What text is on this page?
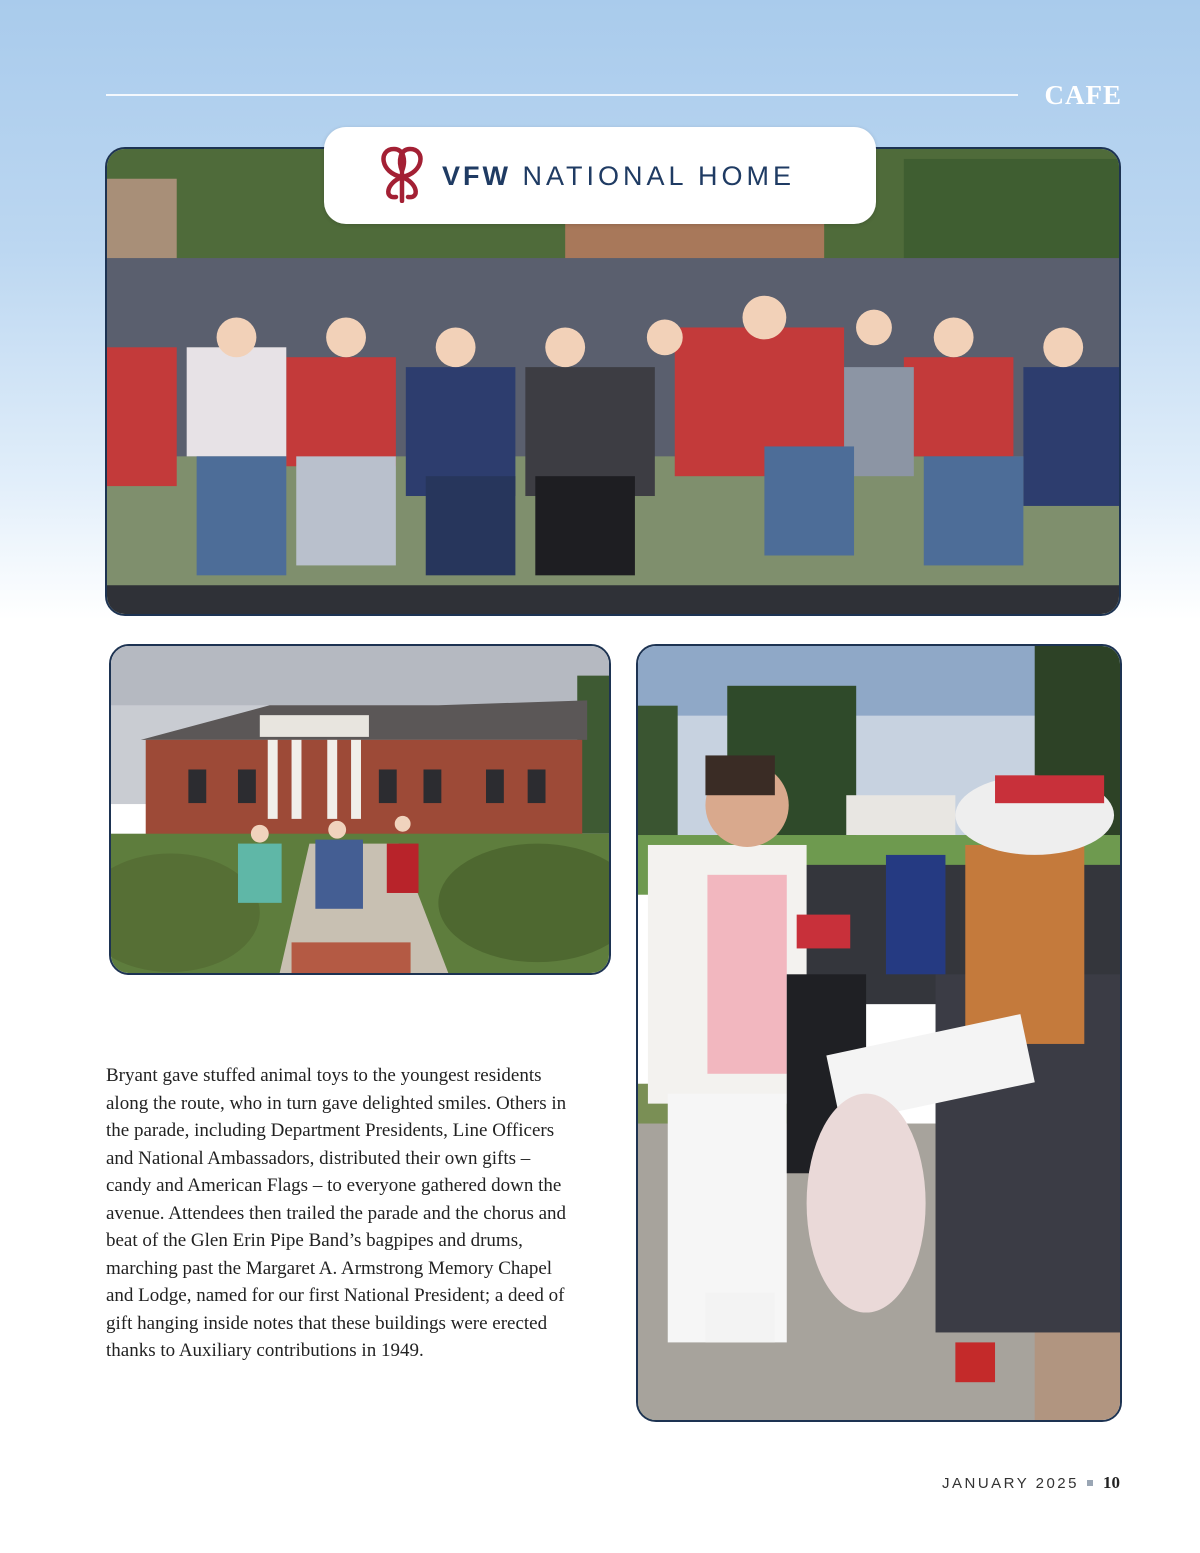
CAFE
VFW NATIONAL HOME

Bryant gave stuffed animal toys to the youngest residents along the route, who in turn gave delighted smiles. Others in the parade, including Department Presidents, Line Officers and National Ambassadors, distributed their own gifts – candy and American Flags – to everyone gathered down the avenue. Attendees then trailed the parade and the chorus and beat of the Glen Erin Pipe Band’s bagpipes and drums, marching past the Margaret A. Armstrong Memory Chapel and Lodge, named for our first National President; a deed of gift hanging inside notes that these buildings were erected thanks to Auxiliary contributions in 1949.

JANUARY 2025 10
